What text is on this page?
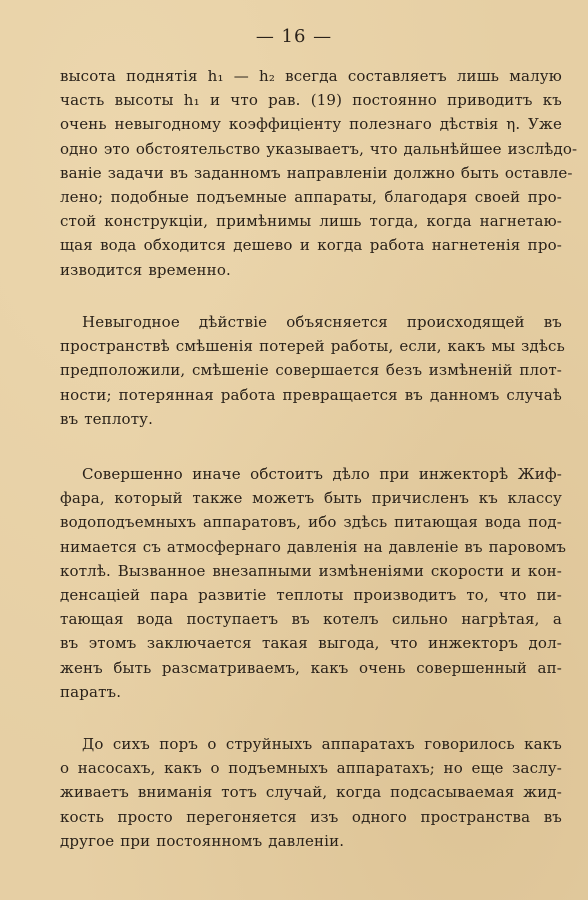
— 16 —
высота поднятія h₁ — h₂ всегда составляетъ лишь малую
часть высоты h₁ и что рав. (19) постоянно приводитъ къ
очень невыгодному коэффиціенту полезнаго дѣствія η. Уже
одно это обстоятельство указываетъ, что дальнѣйшее изслѣдо-
ваніе задачи въ заданномъ направленіи должно быть оставле-
лено; подобные подъемные аппараты, благодаря своей про-
стой конструкціи, примѣнимы лишь тогда, когда нагнетаю-
щая вода обходится дешево и когда работа нагнетенія про-
изводится временно.
Невыгодное дѣйствіе объясняется происходящей въ
пространствѣ смѣшенія потерей работы, если, какъ мы здѣсь
предположили, смѣшеніе совершается безъ измѣненій плот-
ности; потерянная работа превращается въ данномъ случаѣ
въ теплоту.
Совершенно иначе обстоитъ дѣло при инжекторѣ Жиф-
фара, который также можетъ быть причисленъ къ классу
водоподъемныхъ аппаратовъ, ибо здѣсь питающая вода под-
нимается съ атмосфернаго давленія на давленіе въ паровомъ
котлѣ. Вызванное внезапными измѣненіями скорости и кон-
денсаціей пара развитіе теплоты производитъ то, что пи-
тающая вода поступаетъ въ котелъ сильно нагрѣтая, а
въ этомъ заключается такая выгода, что инжекторъ дол-
женъ быть разсматриваемъ, какъ очень совершенный ап-
паратъ.
До сихъ поръ о струйныхъ аппаратахъ говорилось какъ
о насосахъ, какъ о подъемныхъ аппаратахъ; но еще заслу-
живаетъ вниманія тотъ случай, когда подсасываемая жид-
кость просто перегоняется изъ одного пространства въ
другое при постоянномъ давленіи.
